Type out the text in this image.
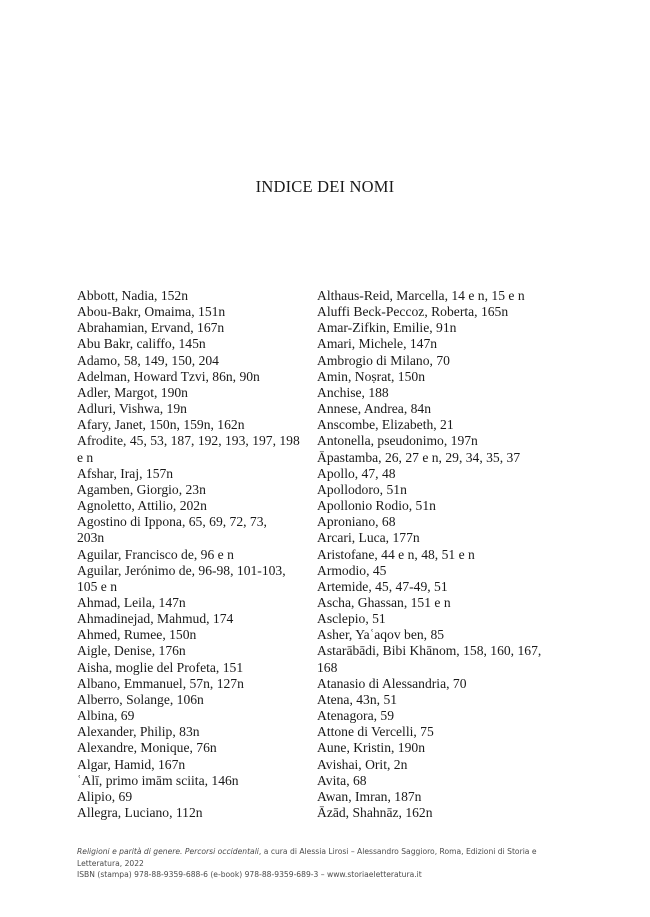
INDICE DEI NOMI
Abbott, Nadia, 152n
Abou-Bakr, Omaima, 151n
Abrahamian, Ervand, 167n
Abu Bakr, califfo, 145n
Adamo, 58, 149, 150, 204
Adelman, Howard Tzvi, 86n, 90n
Adler, Margot, 190n
Adluri, Vishwa, 19n
Afary, Janet, 150n, 159n, 162n
Afrodite, 45, 53, 187, 192, 193, 197, 198
e n
Afshar, Iraj, 157n
Agamben, Giorgio, 23n
Agnoletto, Attilio, 202n
Agostino di Ippona, 65, 69, 72, 73,
203n
Aguilar, Francisco de, 96 e n
Aguilar, Jerónimo de, 96-98, 101-103,
105 e n
Ahmad, Leila, 147n
Ahmadinejad, Mahmud, 174
Ahmed, Rumee, 150n
Aigle, Denise, 176n
Aisha, moglie del Profeta, 151
Albano, Emmanuel, 57n, 127n
Alberro, Solange, 106n
Albina, 69
Alexander, Philip, 83n
Alexandre, Monique, 76n
Algar, Hamid, 167n
ʿAlī, primo imām sciita, 146n
Alipio, 69
Allegra, Luciano, 112n
Althaus-Reid, Marcella, 14 e n, 15 e n
Aluffi Beck-Peccoz, Roberta, 165n
Amar-Zifkin, Emilie, 91n
Amari, Michele, 147n
Ambrogio di Milano, 70
Amin, Noṣrat, 150n
Anchise, 188
Annese, Andrea, 84n
Anscombe, Elizabeth, 21
Antonella, pseudonimo, 197n
Āpastamba, 26, 27 e n, 29, 34, 35, 37
Apollo, 47, 48
Apollodoro, 51n
Apollonio Rodio, 51n
Aproniano, 68
Arcari, Luca, 177n
Aristofane, 44 e n, 48, 51 e n
Armodio, 45
Artemide, 45, 47-49, 51
Ascha, Ghassan, 151 e n
Asclepio, 51
Asher, Yaʿaqov ben, 85
Astarābādi, Bibi Khānom, 158, 160, 167,
168
Atanasio di Alessandria, 70
Atena, 43n, 51
Atenagora, 59
Attone di Vercelli, 75
Aune, Kristin, 190n
Avishai, Orit, 2n
Avita, 68
Awan, Imran, 187n
Āzād, Shahnāz, 162n
Religioni e parità di genere. Percorsi occidentali, a cura di Alessia Lirosi – Alessandro Saggioro, Roma, Edizioni di Storia e
Letteratura, 2022
ISBN (stampa) 978-88-9359-688-6 (e-book) 978-88-9359-689-3 – www.storiaeletteratura.it
